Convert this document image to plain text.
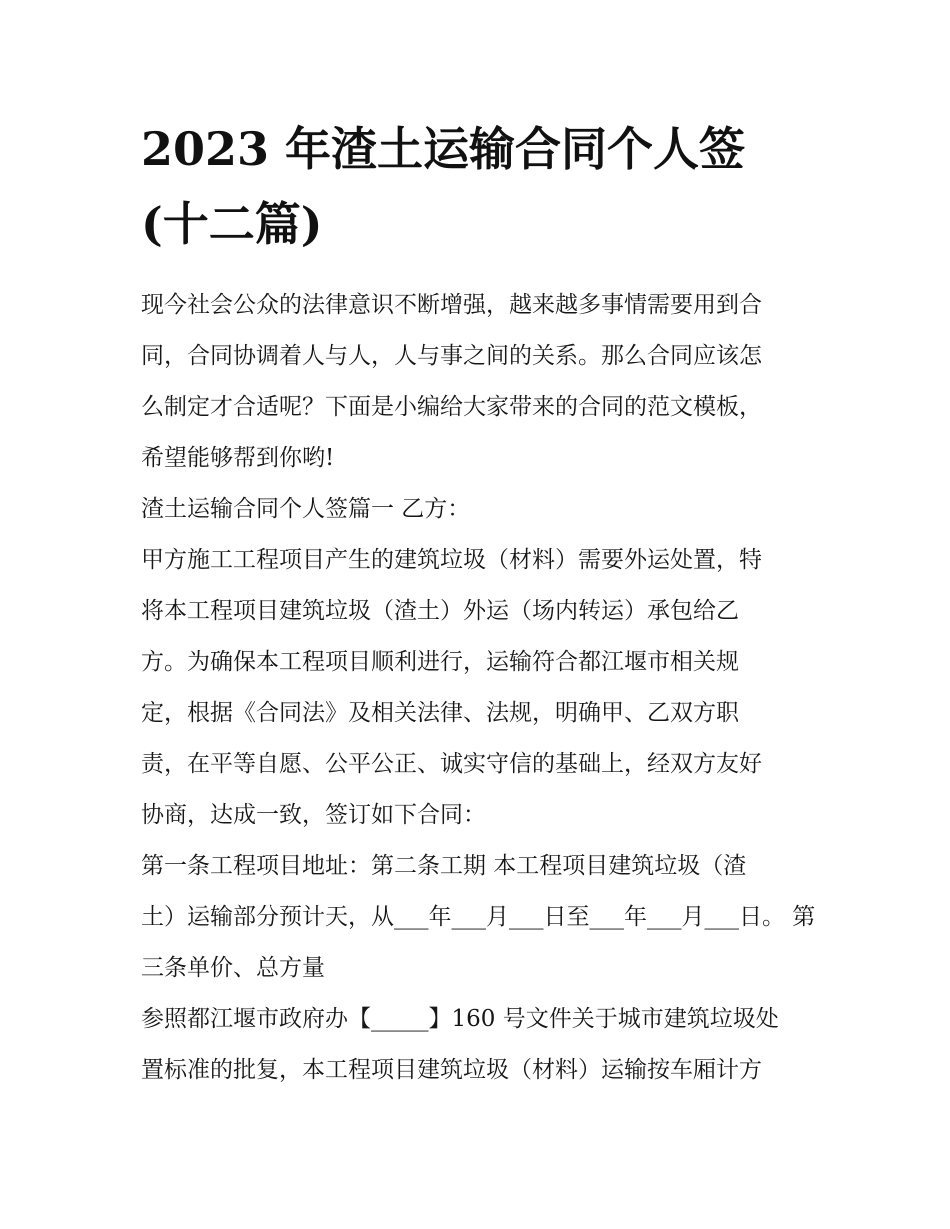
2023 年渣土运输合同个人签
(十二篇)

现今社会公众的法律意识不断增强，越来越多事情需要用到合
同，合同协调着人与人，人与事之间的关系。那么合同应该怎
么制定才合适呢？下面是小编给大家带来的合同的范文模板，
希望能够帮到你哟!

渣土运输合同个人签篇一 乙方：

甲方施工工程项目产生的建筑垃圾（材料）需要外运处置，特
将本工程项目建筑垃圾（渣土）外运（场内转运）承包给乙
方。为确保本工程项目顺利进行，运输符合都江堰市相关规
定，根据《合同法》及相关法律、法规，明确甲、乙双方职
责，在平等自愿、公平公正、诚实守信的基础上，经双方友好
协商，达成一致，签订如下合同：

第一条工程项目地址：第二条工期 本工程项目建筑垃圾（渣
土）运输部分预计天，从___年___月___日至___年___月___日。 第
三条单价、总方量

参照都江堰市政府办【_____】160 号文件关于城市建筑垃圾处
置标准的批复，本工程项目建筑垃圾（材料）运输按车厢计方
